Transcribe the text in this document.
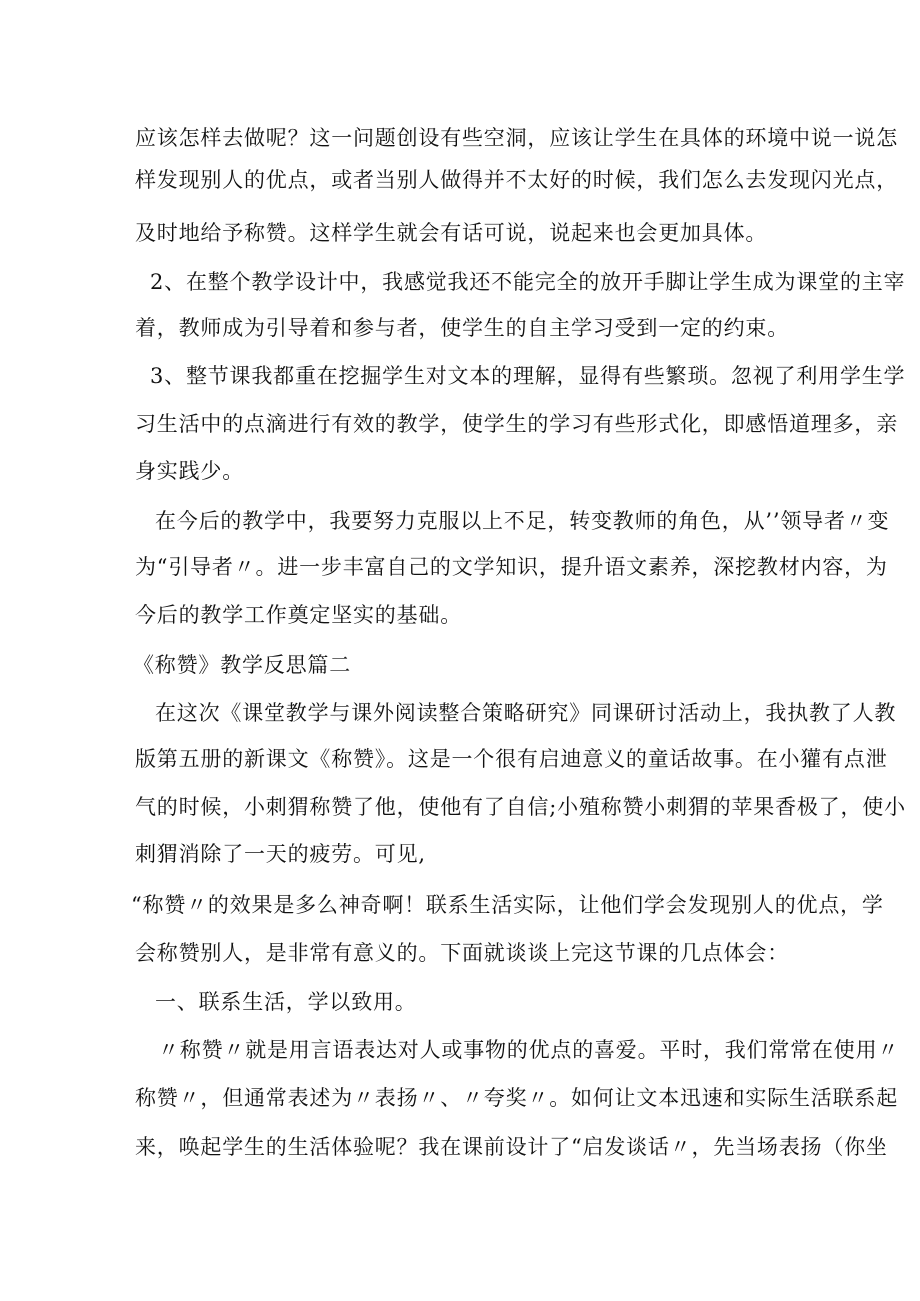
应该怎样去做呢？这一问题创设有些空洞，应该让学生在具体的环境中说一说怎
样发现别人的优点，或者当别人做得并不太好的时候，我们怎么去发现闪光点，
及时地给予称赞。这样学生就会有话可说，说起来也会更加具体。
2、在整个教学设计中，我感觉我还不能完全的放开手脚让学生成为课堂的主宰
着，教师成为引导着和参与者，使学生的自主学习受到一定的约束。
3、整节课我都重在挖掘学生对文本的理解，显得有些繁琐。忽视了利用学生学
习生活中的点滴进行有效的教学，使学生的学习有些形式化，即感悟道理多，亲
身实践少。
在今后的教学中，我要努力克服以上不足，转变教师的角色，从’’领导者〃变
为“引导者〃。进一步丰富自己的文学知识，提升语文素养，深挖教材内容，为
今后的教学工作奠定坚实的基础。
《称赞》教学反思篇二
在这次《课堂教学与课外阅读整合策略研究》同课研讨活动上，我执教了人教
版第五册的新课文《称赞》。这是一个很有启迪意义的童话故事。在小獾有点泄
气的时候，小刺猬称赞了他，使他有了自信;小殖称赞小刺猬的苹果香极了，使小
刺猬消除了一天的疲劳。可见,
“称赞〃的效果是多么神奇啊！联系生活实际，让他们学会发现别人的优点，学
会称赞别人，是非常有意义的。下面就谈谈上完这节课的几点体会：
一、联系生活，学以致用。
〃称赞〃就是用言语表达对人或事物的优点的喜爱。平时，我们常常在使用〃
称赞〃，但通常表述为〃表扬〃、〃夸奖〃。如何让文本迅速和实际生活联系起
来，唤起学生的生活体验呢？我在课前设计了“启发谈话〃，先当场表扬（你坐
